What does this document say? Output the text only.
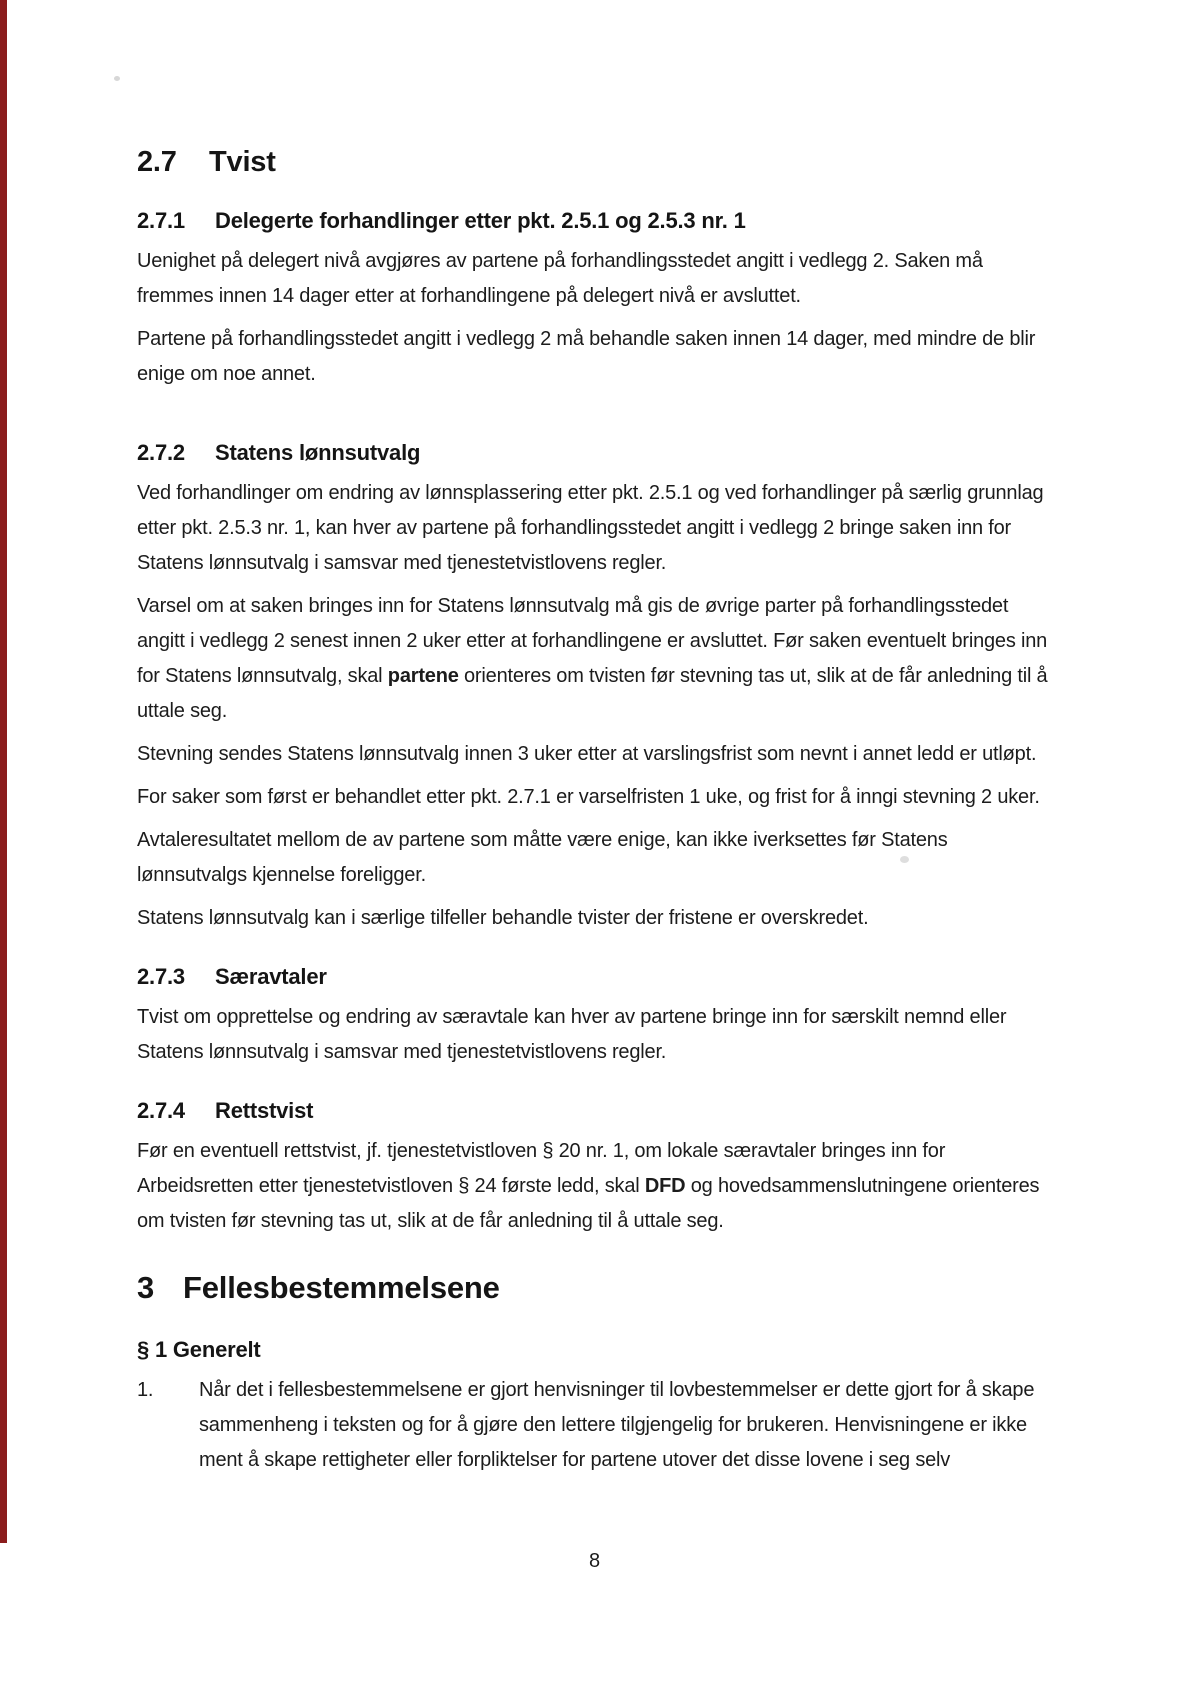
2.7	Tvist
2.7.1	Delegerte forhandlinger etter pkt. 2.5.1 og 2.5.3 nr. 1

Uenighet på delegert nivå avgjøres av partene på forhandlingsstedet angitt i vedlegg 2. Saken må fremmes innen 14 dager etter at forhandlingene på delegert nivå er avsluttet.

Partene på forhandlingsstedet angitt i vedlegg 2 må behandle saken innen 14 dager, med mindre de blir enige om noe annet.

2.7.2	Statens lønnsutvalg

Ved forhandlinger om endring av lønnsplassering etter pkt. 2.5.1 og ved forhandlinger på særlig grunnlag etter pkt. 2.5.3 nr. 1, kan hver av partene på forhandlingsstedet angitt i vedlegg 2 bringe saken inn for Statens lønnsutvalg i samsvar med tjenestetvistlovens regler.

Varsel om at saken bringes inn for Statens lønnsutvalg må gis de øvrige parter på forhandlingsstedet angitt i vedlegg 2 senest innen 2 uker etter at forhandlingene er avsluttet. Før saken eventuelt bringes inn for Statens lønnsutvalg, skal partene orienteres om tvisten før stevning tas ut, slik at de får anledning til å uttale seg.

Stevning sendes Statens lønnsutvalg innen 3 uker etter at varslingsfrist som nevnt i annet ledd er utløpt.

For saker som først er behandlet etter pkt. 2.7.1 er varselfristen 1 uke, og frist for å inngi stevning 2 uker.

Avtaleresultatet mellom de av partene som måtte være enige, kan ikke iverksettes før Statens lønnsutvalgs kjennelse foreligger.

Statens lønnsutvalg kan i særlige tilfeller behandle tvister der fristene er overskredet.

2.7.3	Særavtaler

Tvist om opprettelse og endring av særavtale kan hver av partene bringe inn for særskilt nemnd eller Statens lønnsutvalg i samsvar med tjenestetvistlovens regler.

2.7.4	Rettstvist

Før en eventuell rettstvist, jf. tjenestetvistloven § 20 nr. 1, om lokale særavtaler bringes inn for Arbeidsretten etter tjenestetvistloven § 24 første ledd, skal DFD og hovedsammenslutningene orienteres om tvisten før stevning tas ut, slik at de får anledning til å uttale seg.

3 Fellesbestemmelsene
§ 1 Generelt
1.	Når det i fellesbestemmelsene er gjort henvisninger til lovbestemmelser er dette gjort for å skape sammenheng i teksten og for å gjøre den lettere tilgjengelig for brukeren. Henvisningene er ikke ment å skape rettigheter eller forpliktelser for partene utover det disse lovene i seg selv
8
